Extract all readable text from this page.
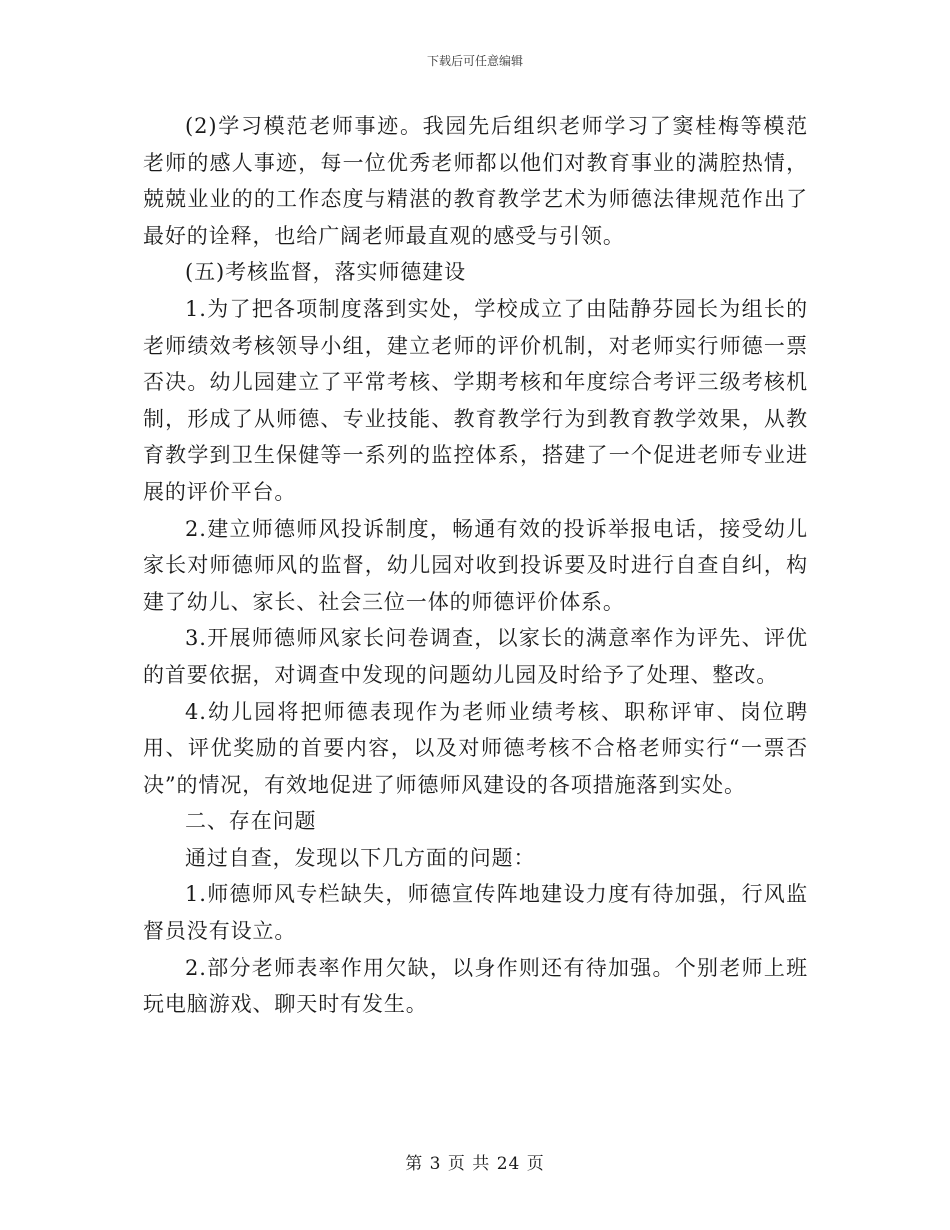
下载后可任意编辑

(2)学习模范老师事迹。我园先后组织老师学习了窦桂梅等模范老师的感人事迹，每一位优秀老师都以他们对教育事业的满腔热情，兢兢业业的的工作态度与精湛的教育教学艺术为师德法律规范作出了最好的诠释，也给广阔老师最直观的感受与引领。

(五)考核监督，落实师德建设

1.为了把各项制度落到实处，学校成立了由陆静芬园长为组长的老师绩效考核领导小组，建立老师的评价机制，对老师实行师德一票否决。幼儿园建立了平常考核、学期考核和年度综合考评三级考核机制，形成了从师德、专业技能、教育教学行为到教育教学效果，从教育教学到卫生保健等一系列的监控体系，搭建了一个促进老师专业进展的评价平台。

2.建立师德师风投诉制度，畅通有效的投诉举报电话，接受幼儿家长对师德师风的监督，幼儿园对收到投诉要及时进行自查自纠，构建了幼儿、家长、社会三位一体的师德评价体系。

3.开展师德师风家长问卷调查，以家长的满意率作为评先、评优的首要依据，对调查中发现的问题幼儿园及时给予了处理、整改。

4.幼儿园将把师德表现作为老师业绩考核、职称评审、岗位聘用、评优奖励的首要内容，以及对师德考核不合格老师实行“一票否决”的情况，有效地促进了师德师风建设的各项措施落到实处。

二、存在问题

通过自查，发现以下几方面的问题：

1.师德师风专栏缺失，师德宣传阵地建设力度有待加强，行风监督员没有设立。

2.部分老师表率作用欠缺，以身作则还有待加强。个别老师上班玩电脑游戏、聊天时有发生。

第 3 页 共 24 页
